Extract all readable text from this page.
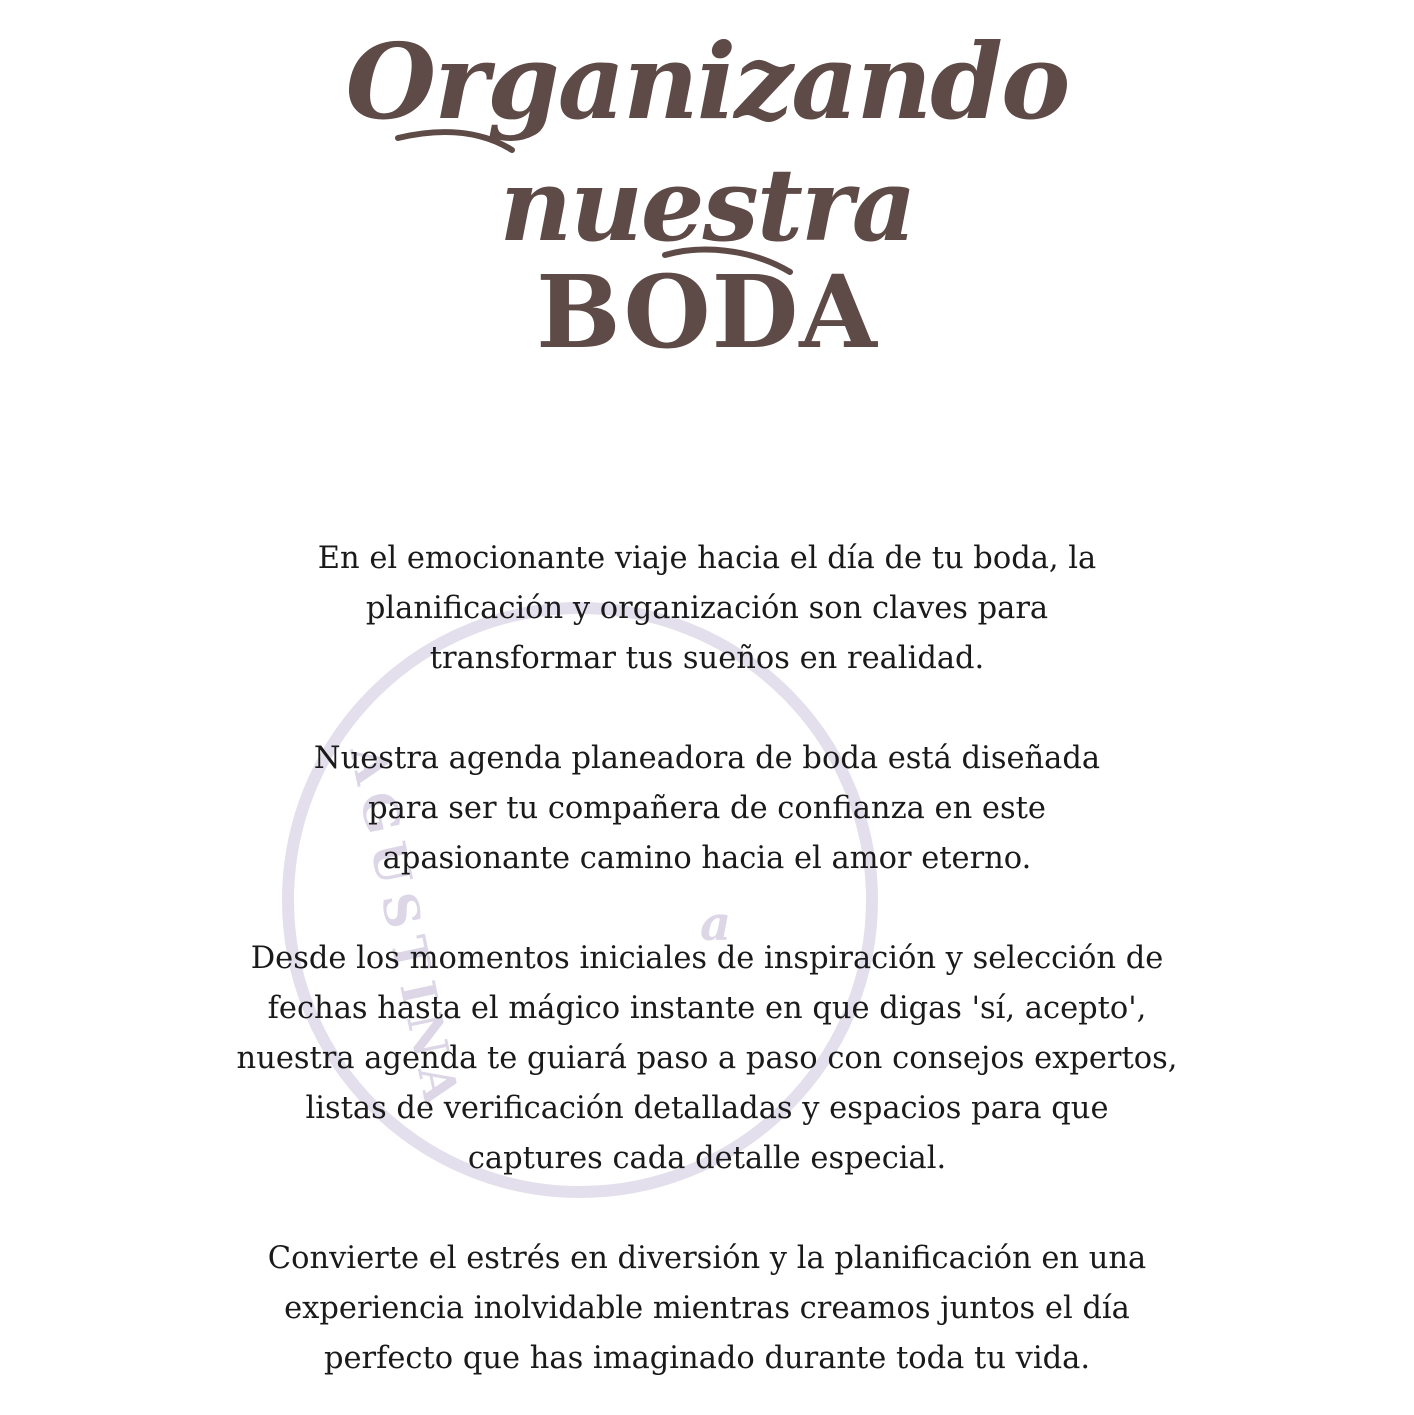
a
AGUSTINA
Organizando
nuestra
BODA

En el emocionante viaje hacia el día de tu boda, la
planificación y organización son claves para
transformar tus sueños en realidad.

Nuestra agenda planeadora de boda está diseñada
para ser tu compañera de confianza en este
apasionante camino hacia el amor eterno.

Desde los momentos iniciales de inspiración y selección de
fechas hasta el mágico instante en que digas 'sí, acepto',
nuestra agenda te guiará paso a paso con consejos expertos,
listas de verificación detalladas y espacios para que
captures cada detalle especial.

Convierte el estrés en diversión y la planificación en una
experiencia inolvidable mientras creamos juntos el día
perfecto que has imaginado durante toda tu vida.
